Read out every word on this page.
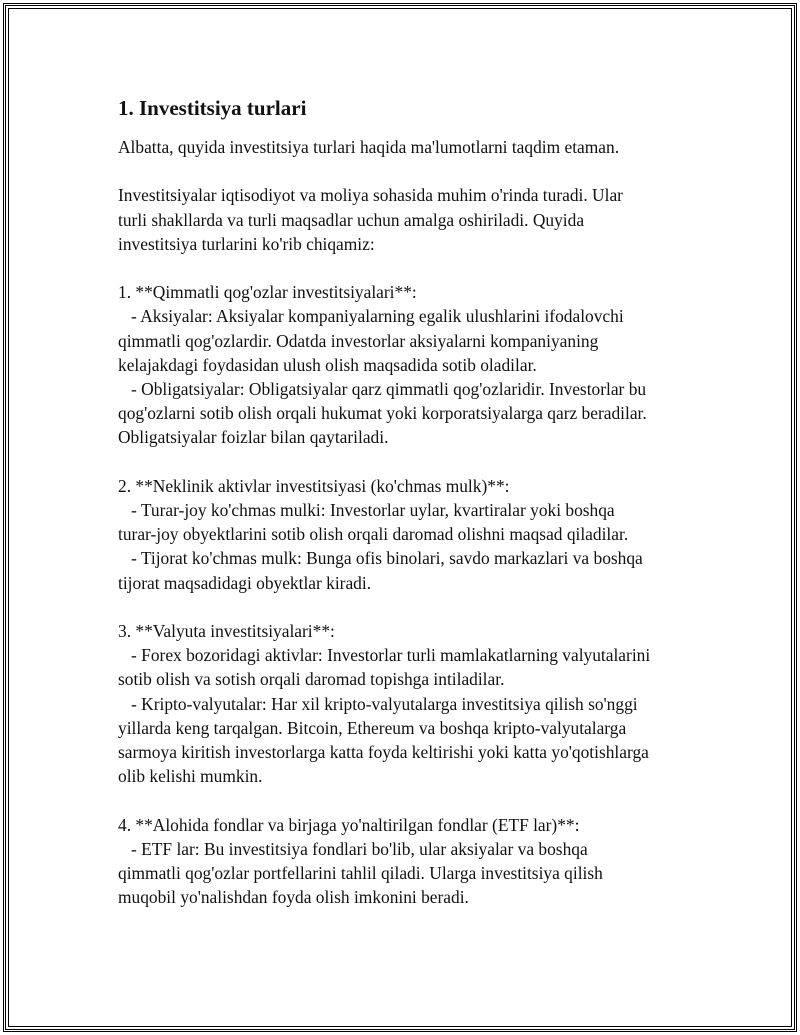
1. Investitsiya turlari

Albatta, quyida investitsiya turlari haqida ma'lumotlarni taqdim etaman.

Investitsiyalar iqtisodiyot va moliya sohasida muhim o'rinda turadi. Ular

turli shakllarda va turli maqsadlar uchun amalga oshiriladi. Quyida

investitsiya turlarini ko'rib chiqamiz:

1. **Qimmatli qog'ozlar investitsiyalari**:

- Aksiyalar: Aksiyalar kompaniyalarning egalik ulushlarini ifodalovchi

qimmatli qog'ozlardir. Odatda investorlar aksiyalarni kompaniyaning

kelajakdagi foydasidan ulush olish maqsadida sotib oladilar.

- Obligatsiyalar: Obligatsiyalar qarz qimmatli qog'ozlaridir. Investorlar bu

qog'ozlarni sotib olish orqali hukumat yoki korporatsiyalarga qarz beradilar.

Obligatsiyalar foizlar bilan qaytariladi.

2. **Neklinik aktivlar investitsiyasi (ko'chmas mulk)**:

- Turar-joy ko'chmas mulki: Investorlar uylar, kvartiralar yoki boshqa

turar-joy obyektlarini sotib olish orqali daromad olishni maqsad qiladilar.

- Tijorat ko'chmas mulk: Bunga ofis binolari, savdo markazlari va boshqa

tijorat maqsadidagi obyektlar kiradi.

3. **Valyuta investitsiyalari**:

- Forex bozoridagi aktivlar: Investorlar turli mamlakatlarning valyutalarini

sotib olish va sotish orqali daromad topishga intiladilar.

- Kripto-valyutalar: Har xil kripto-valyutalarga investitsiya qilish so'nggi

yillarda keng tarqalgan. Bitcoin, Ethereum va boshqa kripto-valyutalarga

sarmoya kiritish investorlarga katta foyda keltirishi yoki katta yo'qotishlarga

olib kelishi mumkin.

4. **Alohida fondlar va birjaga yo'naltirilgan fondlar (ETF lar)**:

- ETF lar: Bu investitsiya fondlari bo'lib, ular aksiyalar va boshqa

qimmatli qog'ozlar portfellarini tahlil qiladi. Ularga investitsiya qilish

muqobil yo'nalishdan foyda olish imkonini beradi.
